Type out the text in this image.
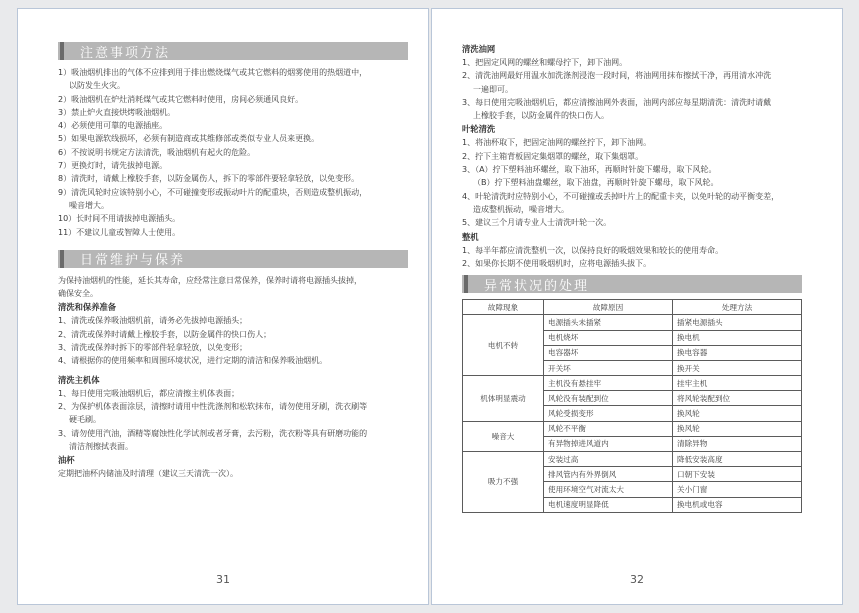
注意事项方法
1）吸油烟机排出的气体不应排到用于排出燃烧煤气或其它燃料的烟雾使用的热烟道中，
以防发生火灾。
2）吸油烟机在炉灶消耗煤气或其它燃料时使用，房间必须通风良好。
3）禁止炉火直接烘烤吸油烟机。
4）必须使用可靠的电源插座。
5）如果电源软线损坏，必须有制造商或其维修部或类似专业人员来更换。
6）不按说明书规定方法清洗，吸油烟机有起火的危险。
7）更换灯时，请先拔掉电源。
8）清洗时，请戴上橡胶手套，以防金属伤人，拆下的零部件要轻拿轻放，以免变形。
9）清洗风轮时应该特别小心，不可碰撞变形或振动叶片的配重块，否则造成整机振动，
噪音增大。
10）长时间不用请拔掉电源插头。
11）不建议儿童或智障人士使用。
日常维护与保养
为保持油烟机的性能，延长其寿命，应经常注意日常保养，保养时请将电源插头拔掉，
确保安全。
清洗和保养准备
1、清洗或保养吸油烟机前，请务必先拔掉电源插头；
2、清洗或保养时请戴上橡胶手套，以防金属件的快口伤人；
3、清洗或保养时拆下的零部件轻拿轻放，以免变形；
4、请根据你的使用频率和周围环境状况，进行定期的清洁和保养吸油烟机。
清洗主机体
1、每日使用完吸油烟机后，都应清擦主机体表面；
2、为保护机体表面涂层，清擦时请用中性洗涤剂和松软抹布，请勿使用牙刷，洗衣刷等
硬毛刷。
3、请勿使用汽油，酒精等腐蚀性化学试剂或者牙膏，去污粉，洗衣粉等具有研磨功能的
清洁剂擦拭表面。
油杯
定期把油杯内储油及时清理（建议三天清洗一次）。
31
清洗油网
1、把固定风网的螺丝和螺母拧下，卸下油网。
2、清洗油网最好用温水加洗涤剂浸泡一段时间，将油网用抹布擦拭干净，再用清水冲洗
一遍即可。
3、每日使用完吸油烟机后，都应清擦油网外表面，油网内部应每星期清洗：清洗时请戴
上橡胶手套，以防金属件的快口伤人。
叶轮清洗
1、将油杯取下，把固定油网的螺丝拧下，卸下油网。
2、拧下主箱背板固定集烟罩的螺丝，取下集烟罩。
3、（A）拧下塑料油环螺丝，取下油环，再顺时针旋下螺母，取下风轮。
（B）拧下塑料油盘螺丝，取下油盘，再顺时针旋下螺母，取下风轮。
4、叶轮清洗时应特别小心，不可碰撞或丢掉叶片上的配重卡夹，以免叶轮的动平衡变差，
造成整机振动，噪音增大。
5、建议三个月请专业人士清洗叶轮一次。
整机
1、每半年都应清洗整机一次，以保持良好的吸烟效果和较长的使用寿命。
2、如果你长期不使用吸烟机时，应将电源插头拔下。
异常状况的处理
故障现象	故障原因	处理方法
电机不转	电源插头未插紧	插紧电源插头
	电机烧坏	换电机
	电容器坏	换电容器
	开关坏	换开关
机体明显震动	主机没有悬挂牢	挂牢主机
	风轮没有装配到位	将风轮装配到位
	风轮受损变形	换风轮
噪音大	风轮不平衡	换风轮
	有异物掉进风道内	清除异物
吸力不强	安装过高	降低安装高度
	排风管内有外界倒风	口朝下安装
	使用环境空气对流太大	关小门窗
	电机速度明显降低	换电机或电容
32
